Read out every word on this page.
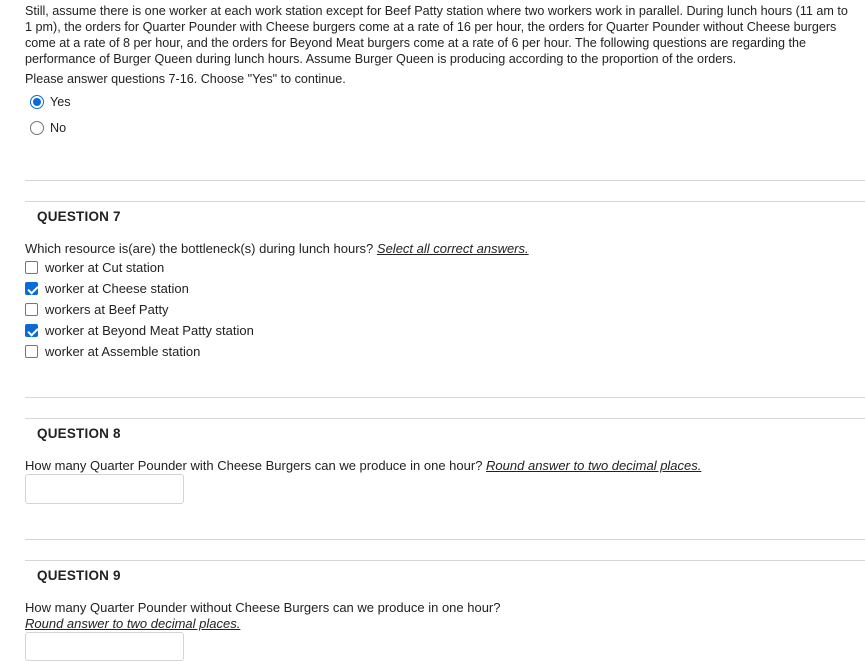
Still, assume there is one worker at each work station except for Beef Patty station where two workers work in parallel. During lunch hours (11 am to 1 pm), the orders for Quarter Pounder with Cheese burgers come at a rate of 16 per hour, the orders for Quarter Pounder without Cheese burgers come at a rate of 8 per hour, and the orders for Beyond Meat burgers come at a rate of 6 per hour. The following questions are regarding the performance of Burger Queen during lunch hours. Assume Burger Queen is producing according to the proportion of the orders.
Please answer questions 7-16. Choose "Yes" to continue.
Yes
No
QUESTION 7
Which resource is(are) the bottleneck(s) during lunch hours? Select all correct answers.
worker at Cut station
worker at Cheese station
workers at Beef Patty
worker at Beyond Meat Patty station
worker at Assemble station
QUESTION 8
How many Quarter Pounder with Cheese Burgers can we produce in one hour? Round answer to two decimal places.
QUESTION 9
How many Quarter Pounder without Cheese Burgers can we produce in one hour?
Round answer to two decimal places.
